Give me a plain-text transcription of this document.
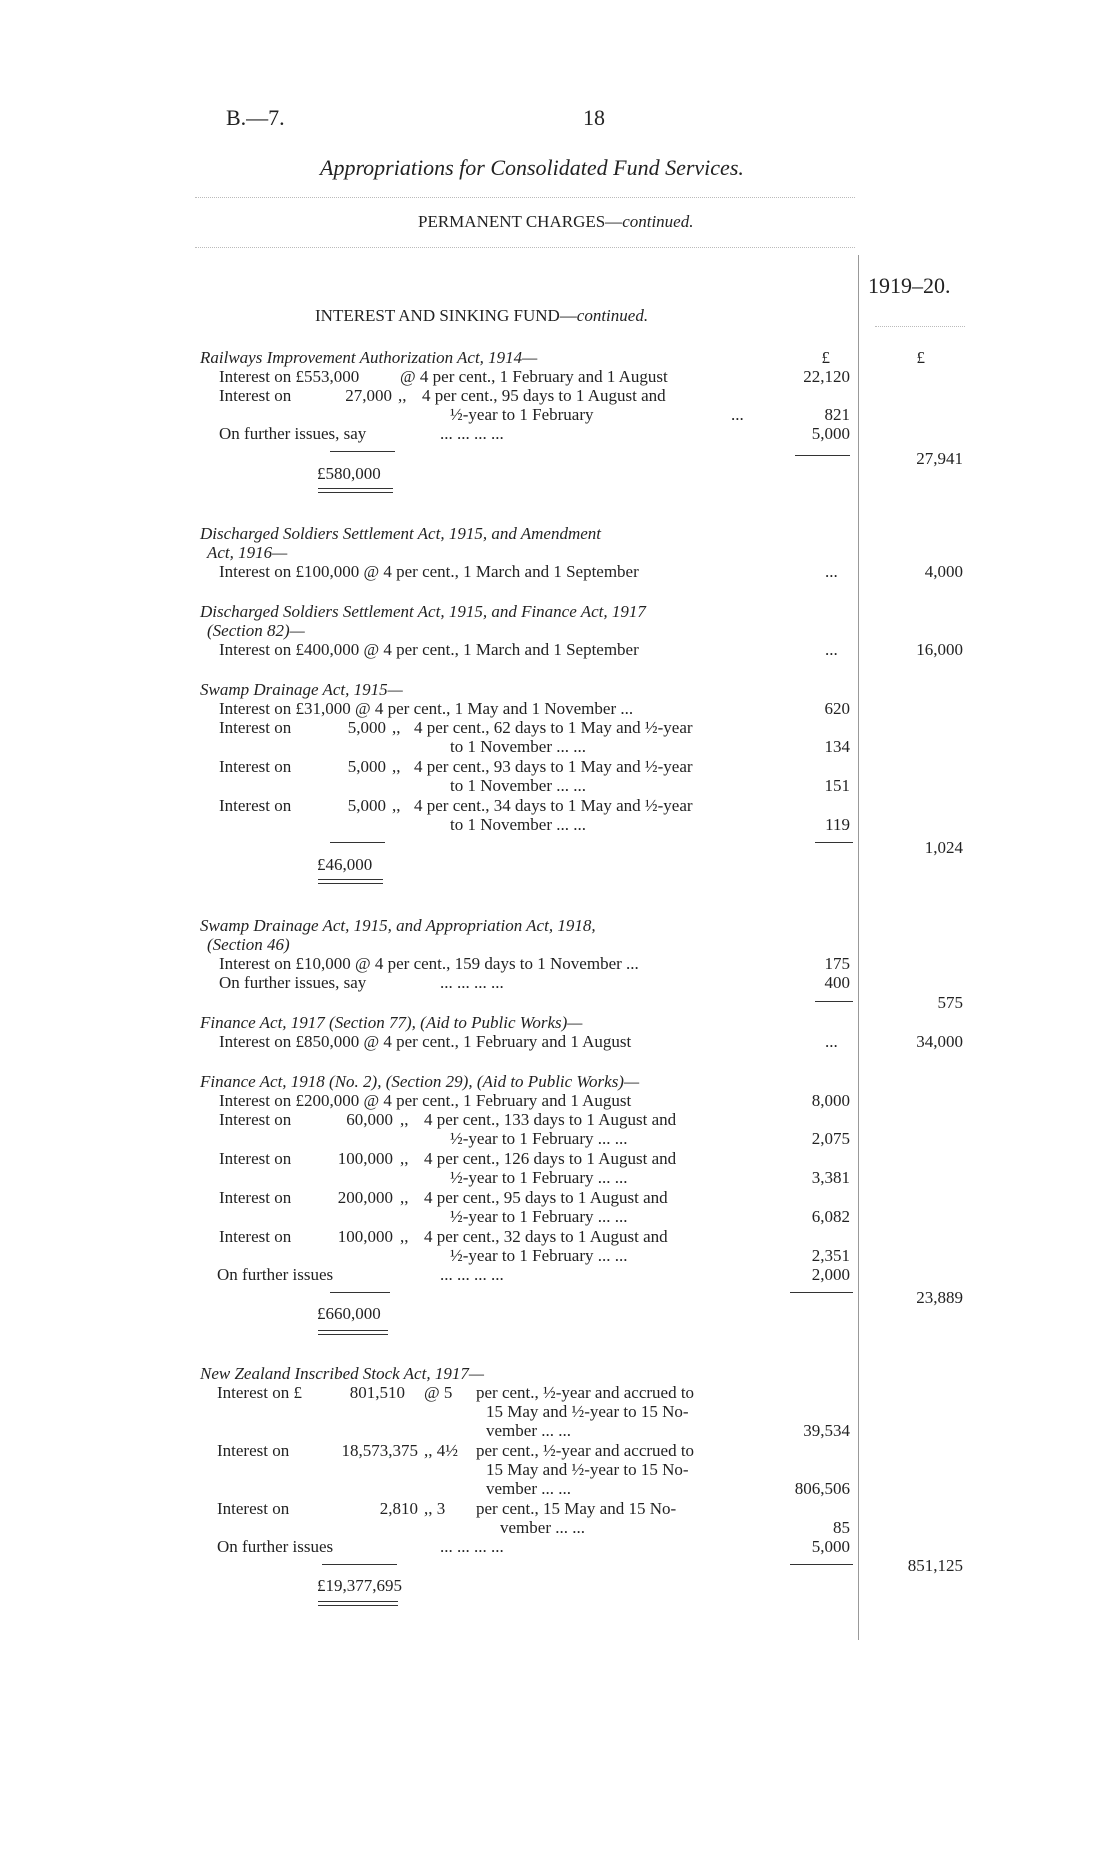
B.—7.	18
Appropriations for Consolidated Fund Services.
PERMANENT CHARGES—continued.
1919–20.
INTEREST AND SINKING FUND—continued.
£	£
Railways Improvement Authorization Act, 1914—
Interest on £553,000 @ 4 per cent., 1 February and 1 August	22,120
Interest on	27,000 ,, 4 per cent., 95 days to 1 August and
½-year to 1 February	...	821
On further issues, say	... ... ... ...	5,000
27,941
£580,000
Discharged Soldiers Settlement Act, 1915, and Amendment
Act, 1916—
Interest on £100,000 @ 4 per cent., 1 March and 1 September	...	4,000
Discharged Soldiers Settlement Act, 1915, and Finance Act, 1917
(Section 82)—
Interest on £400,000 @ 4 per cent., 1 March and 1 September	...	16,000
Swamp Drainage Act, 1915—
Interest on £31,000 @ 4 per cent., 1 May and 1 November ...	620
Interest on	5,000 ,, 4 per cent., 62 days to 1 May and ½-year
to 1 November ... ...	134
Interest on	5,000 ,, 4 per cent., 93 days to 1 May and ½-year
to 1 November ... ...	151
Interest on	5,000 ,, 4 per cent., 34 days to 1 May and ½-year
to 1 November ... ...	119
1,024
£46,000
Swamp Drainage Act, 1915, and Appropriation Act, 1918,
(Section 46)
Interest on £10,000 @ 4 per cent., 159 days to 1 November ...	175
On further issues, say	... ... ... ...	400
575
Finance Act, 1917 (Section 77), (Aid to Public Works)—
Interest on £850,000 @ 4 per cent., 1 February and 1 August	...	34,000
Finance Act, 1918 (No. 2), (Section 29), (Aid to Public Works)—
Interest on £200,000 @ 4 per cent., 1 February and 1 August	8,000
Interest on	60,000 ,, 4 per cent., 133 days to 1 August and
½-year to 1 February ... ...	2,075
Interest on	100,000 ,, 4 per cent., 126 days to 1 August and
½-year to 1 February ... ...	3,381
Interest on	200,000 ,, 4 per cent., 95 days to 1 August and
½-year to 1 February ... ...	6,082
Interest on	100,000 ,, 4 per cent., 32 days to 1 August and
½-year to 1 February ... ...	2,351
On further issues	... ... ... ...	2,000
23,889
£660,000
New Zealand Inscribed Stock Act, 1917—
Interest on £	801,510 @ 5 per cent., ½-year and accrued to
15 May and ½-year to 15 No-
vember ... ...	39,534
Interest on	18,573,375 ,, 4½ per cent., ½-year and accrued to
15 May and ½-year to 15 No-
vember ... ...	806,506
Interest on	2,810 ,, 3 per cent., 15 May and 15 No-
vember ... ...	85
On further issues	... ... ... ...	5,000
851,125
£19,377,695
